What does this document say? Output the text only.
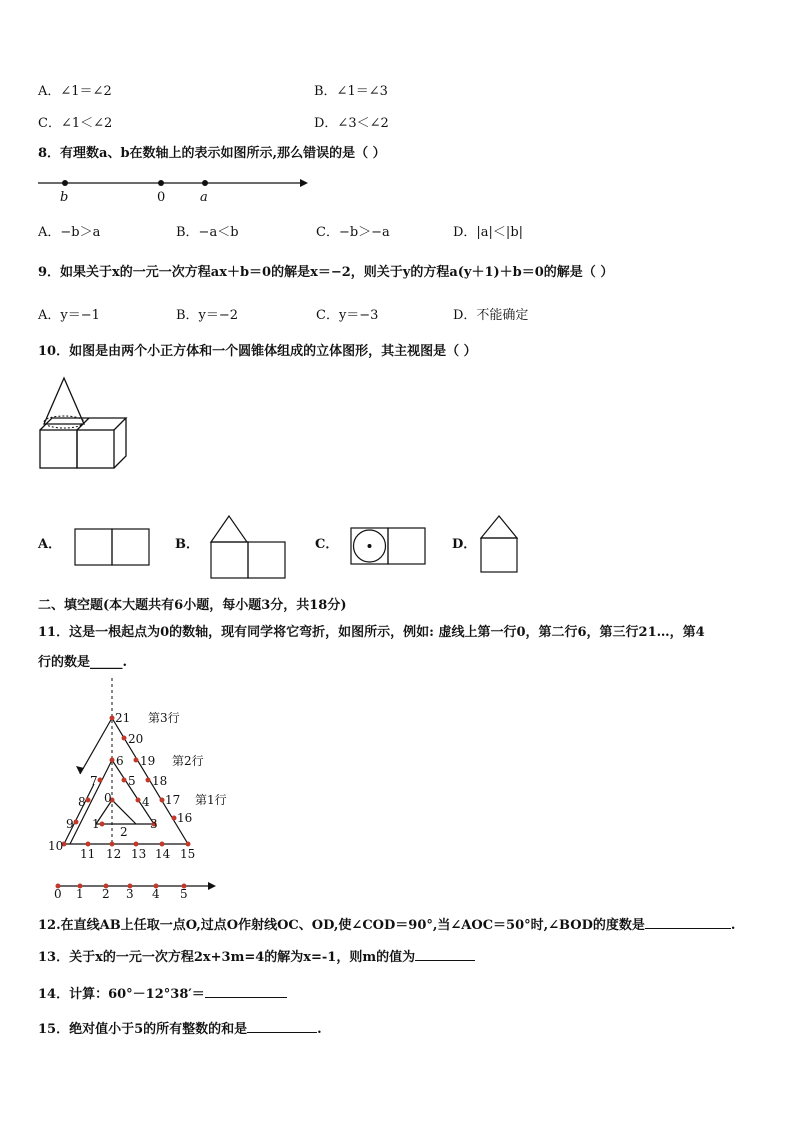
A．∠1＝∠2	B．∠1＝∠3
C．∠1＜∠2	D．∠3＜∠2
8．有理数a、b在数轴上的表示如图所示,那么错误的是（ ）
b	0	a
A．−b＞a	B．−a＜b	C．−b＞−a	D．|a|＜|b|
9．如果关于x的一元一次方程ax＋b＝0的解是x＝−2，则关于y的方程a(y＋1)＋b＝0的解是（ ）
A．y＝−1	B．y＝−2	C．y＝−3	D．不能确定
10．如图是由两个小正方体和一个圆锥体组成的立体图形，其主视图是（ ）
A．	B．	C．	D．
二、填空题(本大题共有6小题，每小题3分，共18分)
11．这是一根起点为0的数轴，现有同学将它弯折，如图所示，例如: 虚线上第一行0，第二行6，第三行21…，第4
行的数是_____.
21 第3行
20
19 第2行
6
7	5 18
0
8	4 17 第1行
16
9 1	3
2
10
11 12 13 14 15
0 1 2 3 4 5
12.在直线AB上任取一点O,过点O作射线OC、OD,使∠COD＝90°,当∠AOC＝50°时,∠BOD的度数是	.
13．关于x的一元一次方程2x+3m=4的解为x=-1，则m的值为
14．计算：60°－12°38′＝
15．绝对值小于5的所有整数的和是	.
